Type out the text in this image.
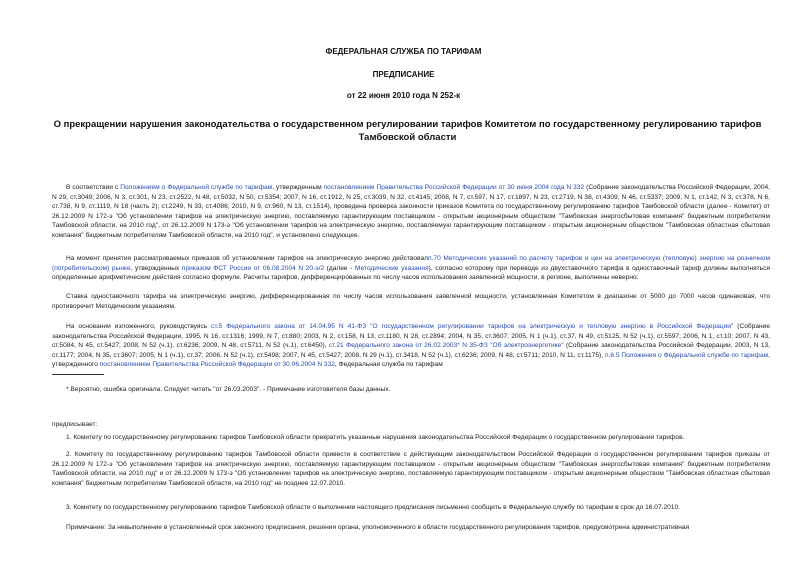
ФЕДЕРАЛЬНАЯ СЛУЖБА ПО ТАРИФАМ
ПРЕДПИСАНИЕ
от 22 июня 2010 года N 252-к
О прекращении нарушения законодательства о государственном регулировании тарифов Комитетом по государственному регулированию тарифов Тамбовской области

В соответствии с Положением о Федеральной службе по тарифам, утвержденным постановлением Правительства Российской Федерации от 30 июня 2004 года N 332 (Собрание законодательства Российской Федерации, 2004, N 29, ст.3049; 2006, N 3, ст.301, N 23, ст.2522, N 48, ст.5032, N 50, ст.5354; 2007, N 16, ст.1912, N 25, ст.3039, N 32, ст.4145; 2008, N 7, ст.597, N 17, ст.1897, N 23, ст.2719, N 38, ст.4309, N 46, ст.5337; 2009, N 1, ст.142, N 3, ст.378, N 6, ст.738, N 9, ст.1119, N 18 (часть 2), ст.2249, N 33, ст.4086; 2010, N 9, ст.960, N 13, ст.1514), проведена проверка законности приказов Комитета по государственному регулированию тарифов Тамбовской области (далее - Комитет) от 26.12.2009 N 172-э "Об установлении тарифов на электрическую энергию, поставляемую гарантирующим поставщиком - открытым акционерным обществом "Тамбовская энергосбытовая компания" бюджетным потребителям Тамбовской области, на 2010 год", от 26.12.2009 N 173-э "Об установлении тарифов на электрическую энергию, поставляемую гарантирующим поставщиком - открытым акционерным обществом "Тамбовская областная сбытовая компания" бюджетным потребителям Тамбовской области, на 2010 год", и установлено следующее.

На момент принятия рассматриваемых приказов об установлении тарифов на электрическую энергию действовалп.70 Методических указаний по расчету тарифов и цен на электрическую (тепловую) энергию на розничном (потребительском) рынке, утвержденных приказом ФСТ России от 06.08.2004 N 20-э/2 (далее - Методические указания), согласно которому при переводе из двухставочного тарифа в одноставочный тариф должны выполняться определенные арифметические действия согласно формуле. Расчеты тарифов, дифференцированных по числу часов использования заявленной мощности, в регионе, выполнены неверно.

Ставка одноставочного тарифа на электрическую энергию, дифференцированная по числу часов использования заявленной мощности, установленная Комитетом в диапазоне от 5000 до 7000 часов одинаковая, что противоречит Методическим указаниям.

На основании изложенного, руководствуясь ст.5 Федерального закона от 14.04.95 N 41-ФЗ "О государственном регулировании тарифов на электрическую и тепловую энергию в Российской Федерации" (Собрание законодательства Российской Федерации, 1995, N 16, ст.1316; 1999, N 7, ст.880; 2003, N 2, ст.158, N 13, ст.1180, N 28, ст.2894; 2004, N 35, ст.3607; 2005, N 1 (ч.1), ст.37, N 49, ст.5125, N 52 (ч.1), ст.5597; 2006, N 1, ст.10; 2007, N 43, ст.5084, N 45, ст.5427; 2008, N 52 (ч.1), ст.6236; 2009, N 48, ст.5711, N 52 (ч.1), ст.6450), ст.21 Федерального закона от 26.02.2003* N 35-ФЗ "Об электроэнергетике" (Собрание законодательства Российской Федерации, 2003, N 13, ст.1177; 2004, N 35, ст.3607; 2005, N 1 (ч.1), ст.37; 2006, N 52 (ч.1), ст.5498; 2007, N 45, ст.5427; 2008, N 29 (ч.1), ст.3418, N 52 (ч.1), ст.6236; 2009, N 48, ст.5711; 2010, N 11, ст.1175), п.6.5 Положения о Федеральной службе по тарифам, утвержденного постановлением Правительства Российской Федерации от 30.06.2004 N 332, Федеральная служба по тарифам

* Вероятно, ошибка оригинала. Следует читать "от 26.03.2003". - Примечание изготовителя базы данных.

предписывает:

1. Комитету по государственному регулированию тарифов Тамбовской области прекратить указанные нарушения законодательства Российской Федерации о государственном регулировании тарифов.

2. Комитету по государственному регулированию тарифов Тамбовской области привести в соответствие с действующим законодательством Российской Федерации о государственном регулировании тарифов приказы от 26.12.2009 N 172-э "Об установлении тарифов на электрическую энергию, поставляемую гарантирующим поставщиком - открытым акционерным обществом "Тамбовская энергосбытовая компания" бюджетным потребителям Тамбовской области, на 2010 год" и от 26.12.2009 N 173-э "Об установлении тарифов на электрическую энергию, поставляемую гарантирующим поставщиком - открытым акционерным обществом "Тамбовская областная сбытовая компания" бюджетным потребителям Тамбовской области, на 2010 год" не позднее 12.07.2010.

3. Комитету по государственному регулированию тарифов Тамбовской области о выполнении настоящего предписания письменно сообщить в Федеральную службу по тарифам в срок до 16.07.2010.

Примечание: За невыполнение в установленный срок законного предписания, решения органа, уполномоченного в области государственного регулирования тарифов, предусмотрена административная
